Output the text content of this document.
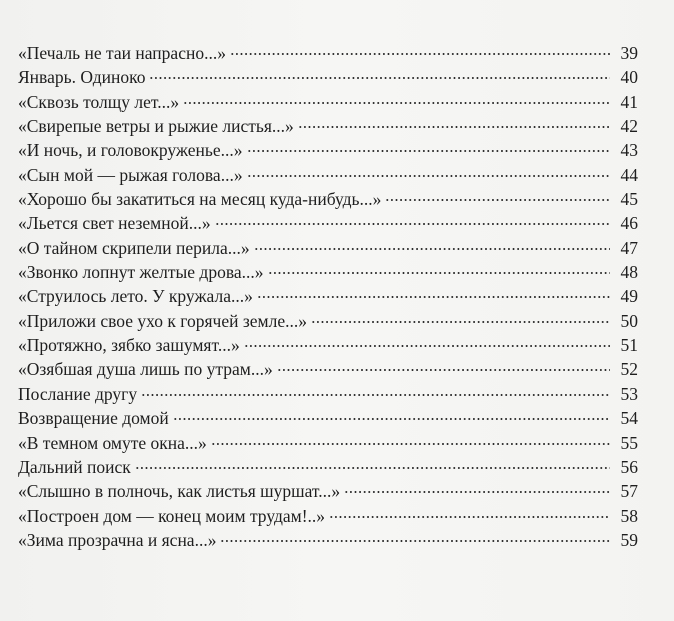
«Печаль не таи напрасно...»	39
Январь. Одиноко	40
«Сквозь толщу лет...»	41
«Свирепые ветры и рыжие листья...»	42
«И ночь, и головокруженье...»	43
«Сын мой — рыжая голова...»	44
«Хорошо бы закатиться на месяц куда-нибудь...»	45
«Льется свет неземной...»	46
«О тайном скрипели перила...»	47
«Звонко лопнут желтые дрова...»	48
«Струилось лето. У кружала...»	49
«Приложи свое ухо к горячей земле...»	50
«Протяжно, зябко зашумят...»	51
«Озябшая душа лишь по утрам...»	52
Послание другу	53
Возвращение домой	54
«В темном омуте окна...»	55
Дальний поиск	56
«Слышно в полночь, как листья шуршат...»	57
«Построен дом — конец моим трудам!..»	58
«Зима прозрачна и ясна...»	59
